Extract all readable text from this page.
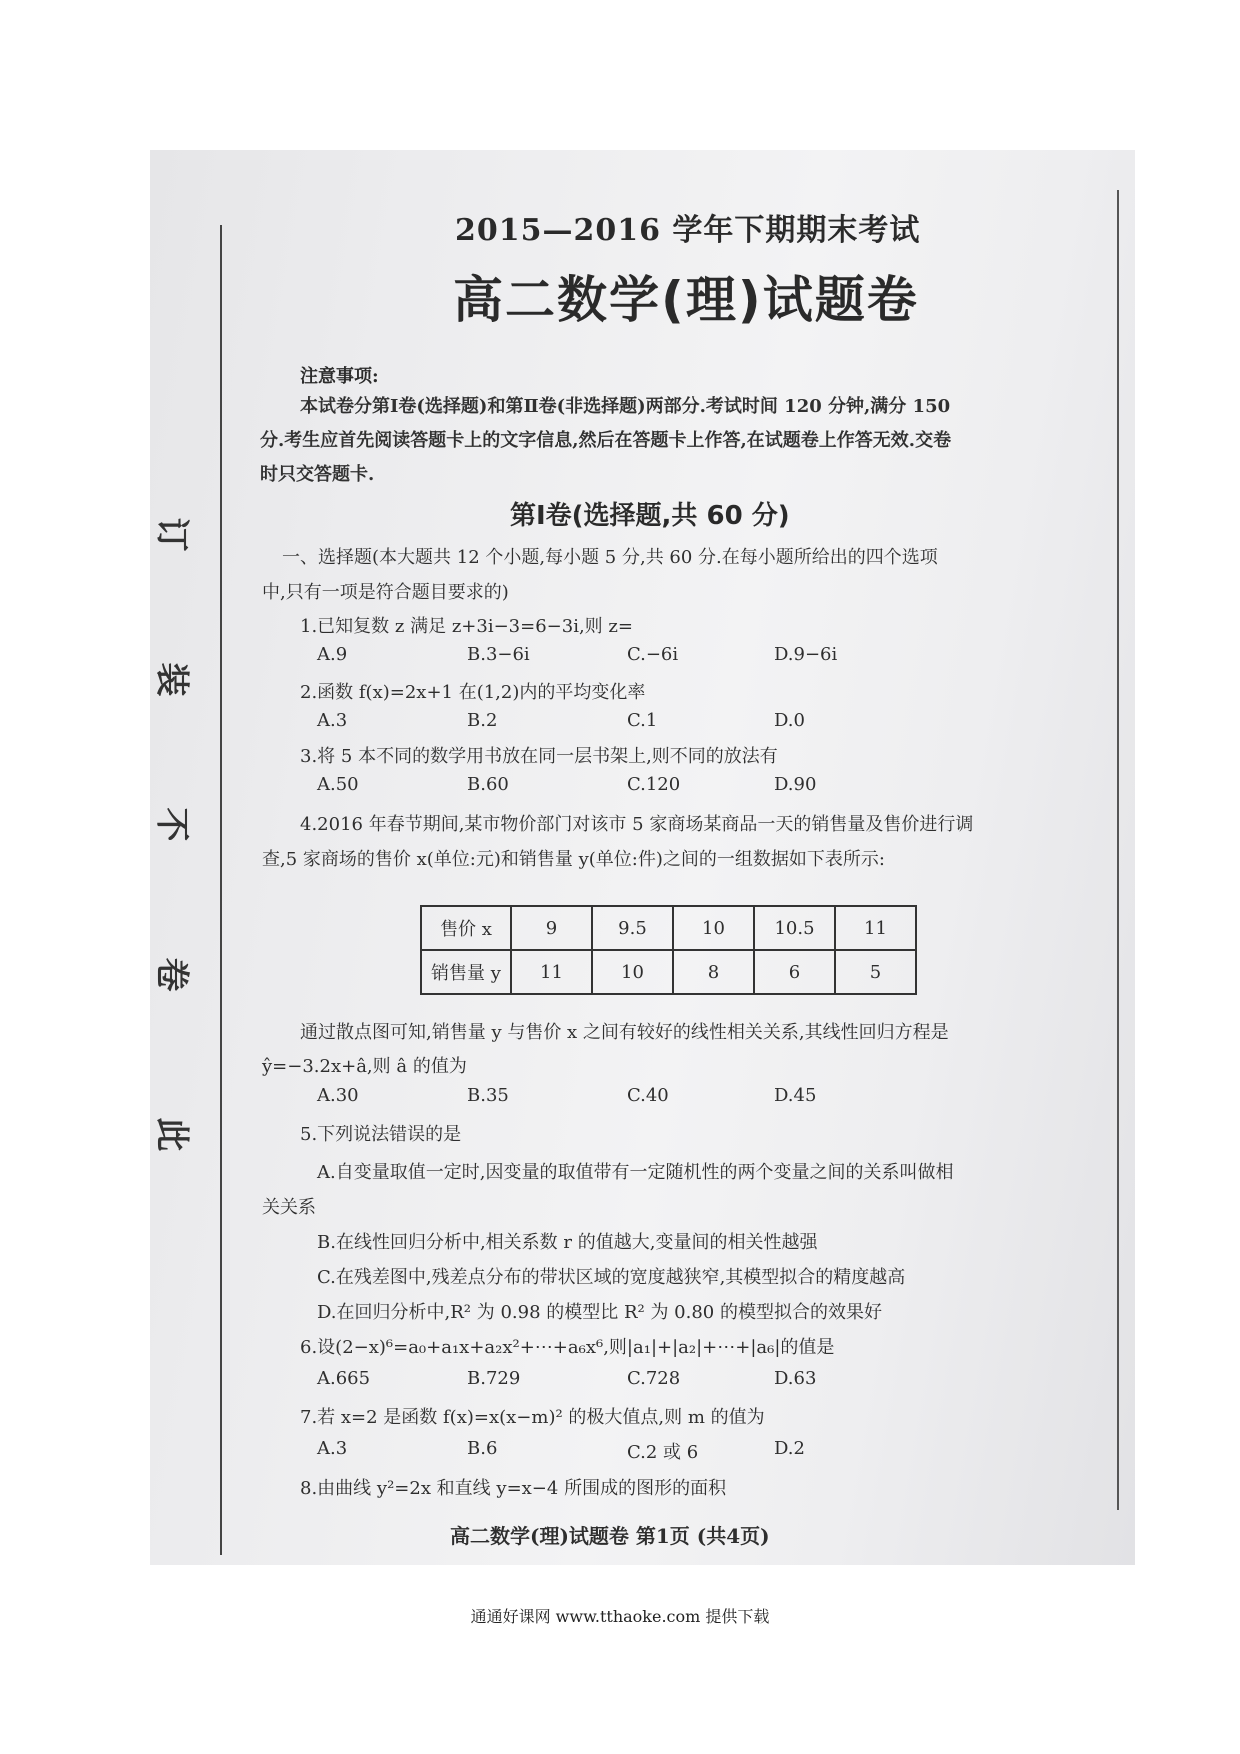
订
装
不
卷
此
2015—2016 学年下期期末考试
高二数学(理)试题卷
注意事项:
本试卷分第Ⅰ卷(选择题)和第Ⅱ卷(非选择题)两部分.考试时间 120 分钟,满分 150
分.考生应首先阅读答题卡上的文字信息,然后在答题卡上作答,在试题卷上作答无效.交卷
时只交答题卡.
第Ⅰ卷(选择题,共 60 分)
一、选择题(本大题共 12 个小题,每小题 5 分,共 60 分.在每小题所给出的四个选项
中,只有一项是符合题目要求的)
1.已知复数 z 满足 z+3i−3=6−3i,则 z=
A.9	B.3−6i	C.−6i	D.9−6i
2.函数 f(x)=2x+1 在(1,2)内的平均变化率
A.3	B.2	C.1	D.0
3.将 5 本不同的数学用书放在同一层书架上,则不同的放法有
A.50	B.60	C.120	D.90
4.2016 年春节期间,某市物价部门对该市 5 家商场某商品一天的销售量及售价进行调
查,5 家商场的售价 x(单位:元)和销售量 y(单位:件)之间的一组数据如下表所示:
售价 x	9	9.5	10	10.5	11
销售量 y	11	10	8	6	5
通过散点图可知,销售量 y 与售价 x 之间有较好的线性相关关系,其线性回归方程是
ŷ=−3.2x+â,则 â 的值为
A.30	B.35	C.40	D.45
5.下列说法错误的是
A.自变量取值一定时,因变量的取值带有一定随机性的两个变量之间的关系叫做相
关关系
B.在线性回归分析中,相关系数 r 的值越大,变量间的相关性越强
C.在残差图中,残差点分布的带状区域的宽度越狭窄,其模型拟合的精度越高
D.在回归分析中,R² 为 0.98 的模型比 R² 为 0.80 的模型拟合的效果好
6.设(2−x)⁶=a₀+a₁x+a₂x²+⋯+a₆x⁶,则|a₁|+|a₂|+⋯+|a₆|的值是
A.665	B.729	C.728	D.63
7.若 x=2 是函数 f(x)=x(x−m)² 的极大值点,则 m 的值为
A.3	B.6	C.2 或 6	D.2
8.由曲线 y²=2x 和直线 y=x−4 所围成的图形的面积
高二数学(理)试题卷 第1页 (共4页)
通通好课网 www.tthaoke.com 提供下载
